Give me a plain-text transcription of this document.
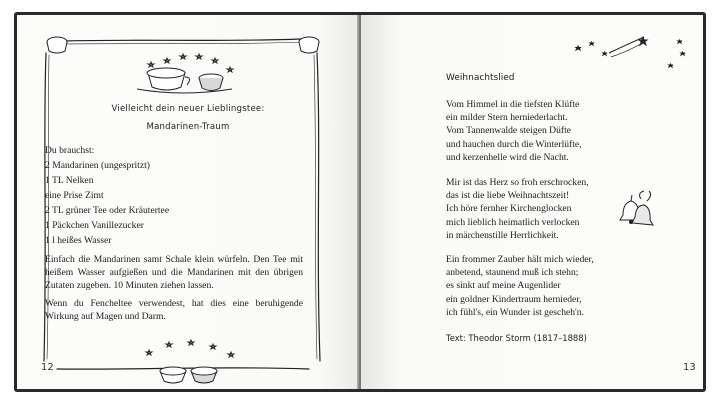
Vielleicht dein neuer Lieblingstee:
Mandarinen-Traum
Du brauchst:
2 Mandarinen (ungespritzt)
1 TL Nelken
eine Prise Zimt
2 TL grüner Tee oder Kräutertee
1 Päckchen Vanillezucker
1 l heißes Wasser
Einfach die Mandarinen samt Schale klein würfeln. Den Tee mit
heißem Wasser aufgießen und die Mandarinen mit den übrigen
Zutaten zugeben. 10 Minuten ziehen lassen.
Wenn du Fencheltee verwendest, hat dies eine beruhigende
Wirkung auf Magen und Darm.
12
Weihnachtslied
Vom Himmel in die tiefsten Klüfte
ein milder Stern herniederlacht.
Vom Tannenwalde steigen Düfte
und hauchen durch die Winterlüfte,
und kerzenhelle wird die Nacht.
Mir ist das Herz so froh erschrocken,
das ist die liebe Weihnachtszeit!
Ich höre fernher Kirchenglocken
mich lieblich heimatlich verlocken
in märchenstille Herrlichkeit.
Ein frommer Zauber hält mich wieder,
anbetend, staunend muß ich stehn;
es sinkt auf meine Augenlider
ein goldner Kindertraum hernieder,
ich fühl's, ein Wunder ist gescheh'n.
Text: Theodor Storm (1817–1888)
13
